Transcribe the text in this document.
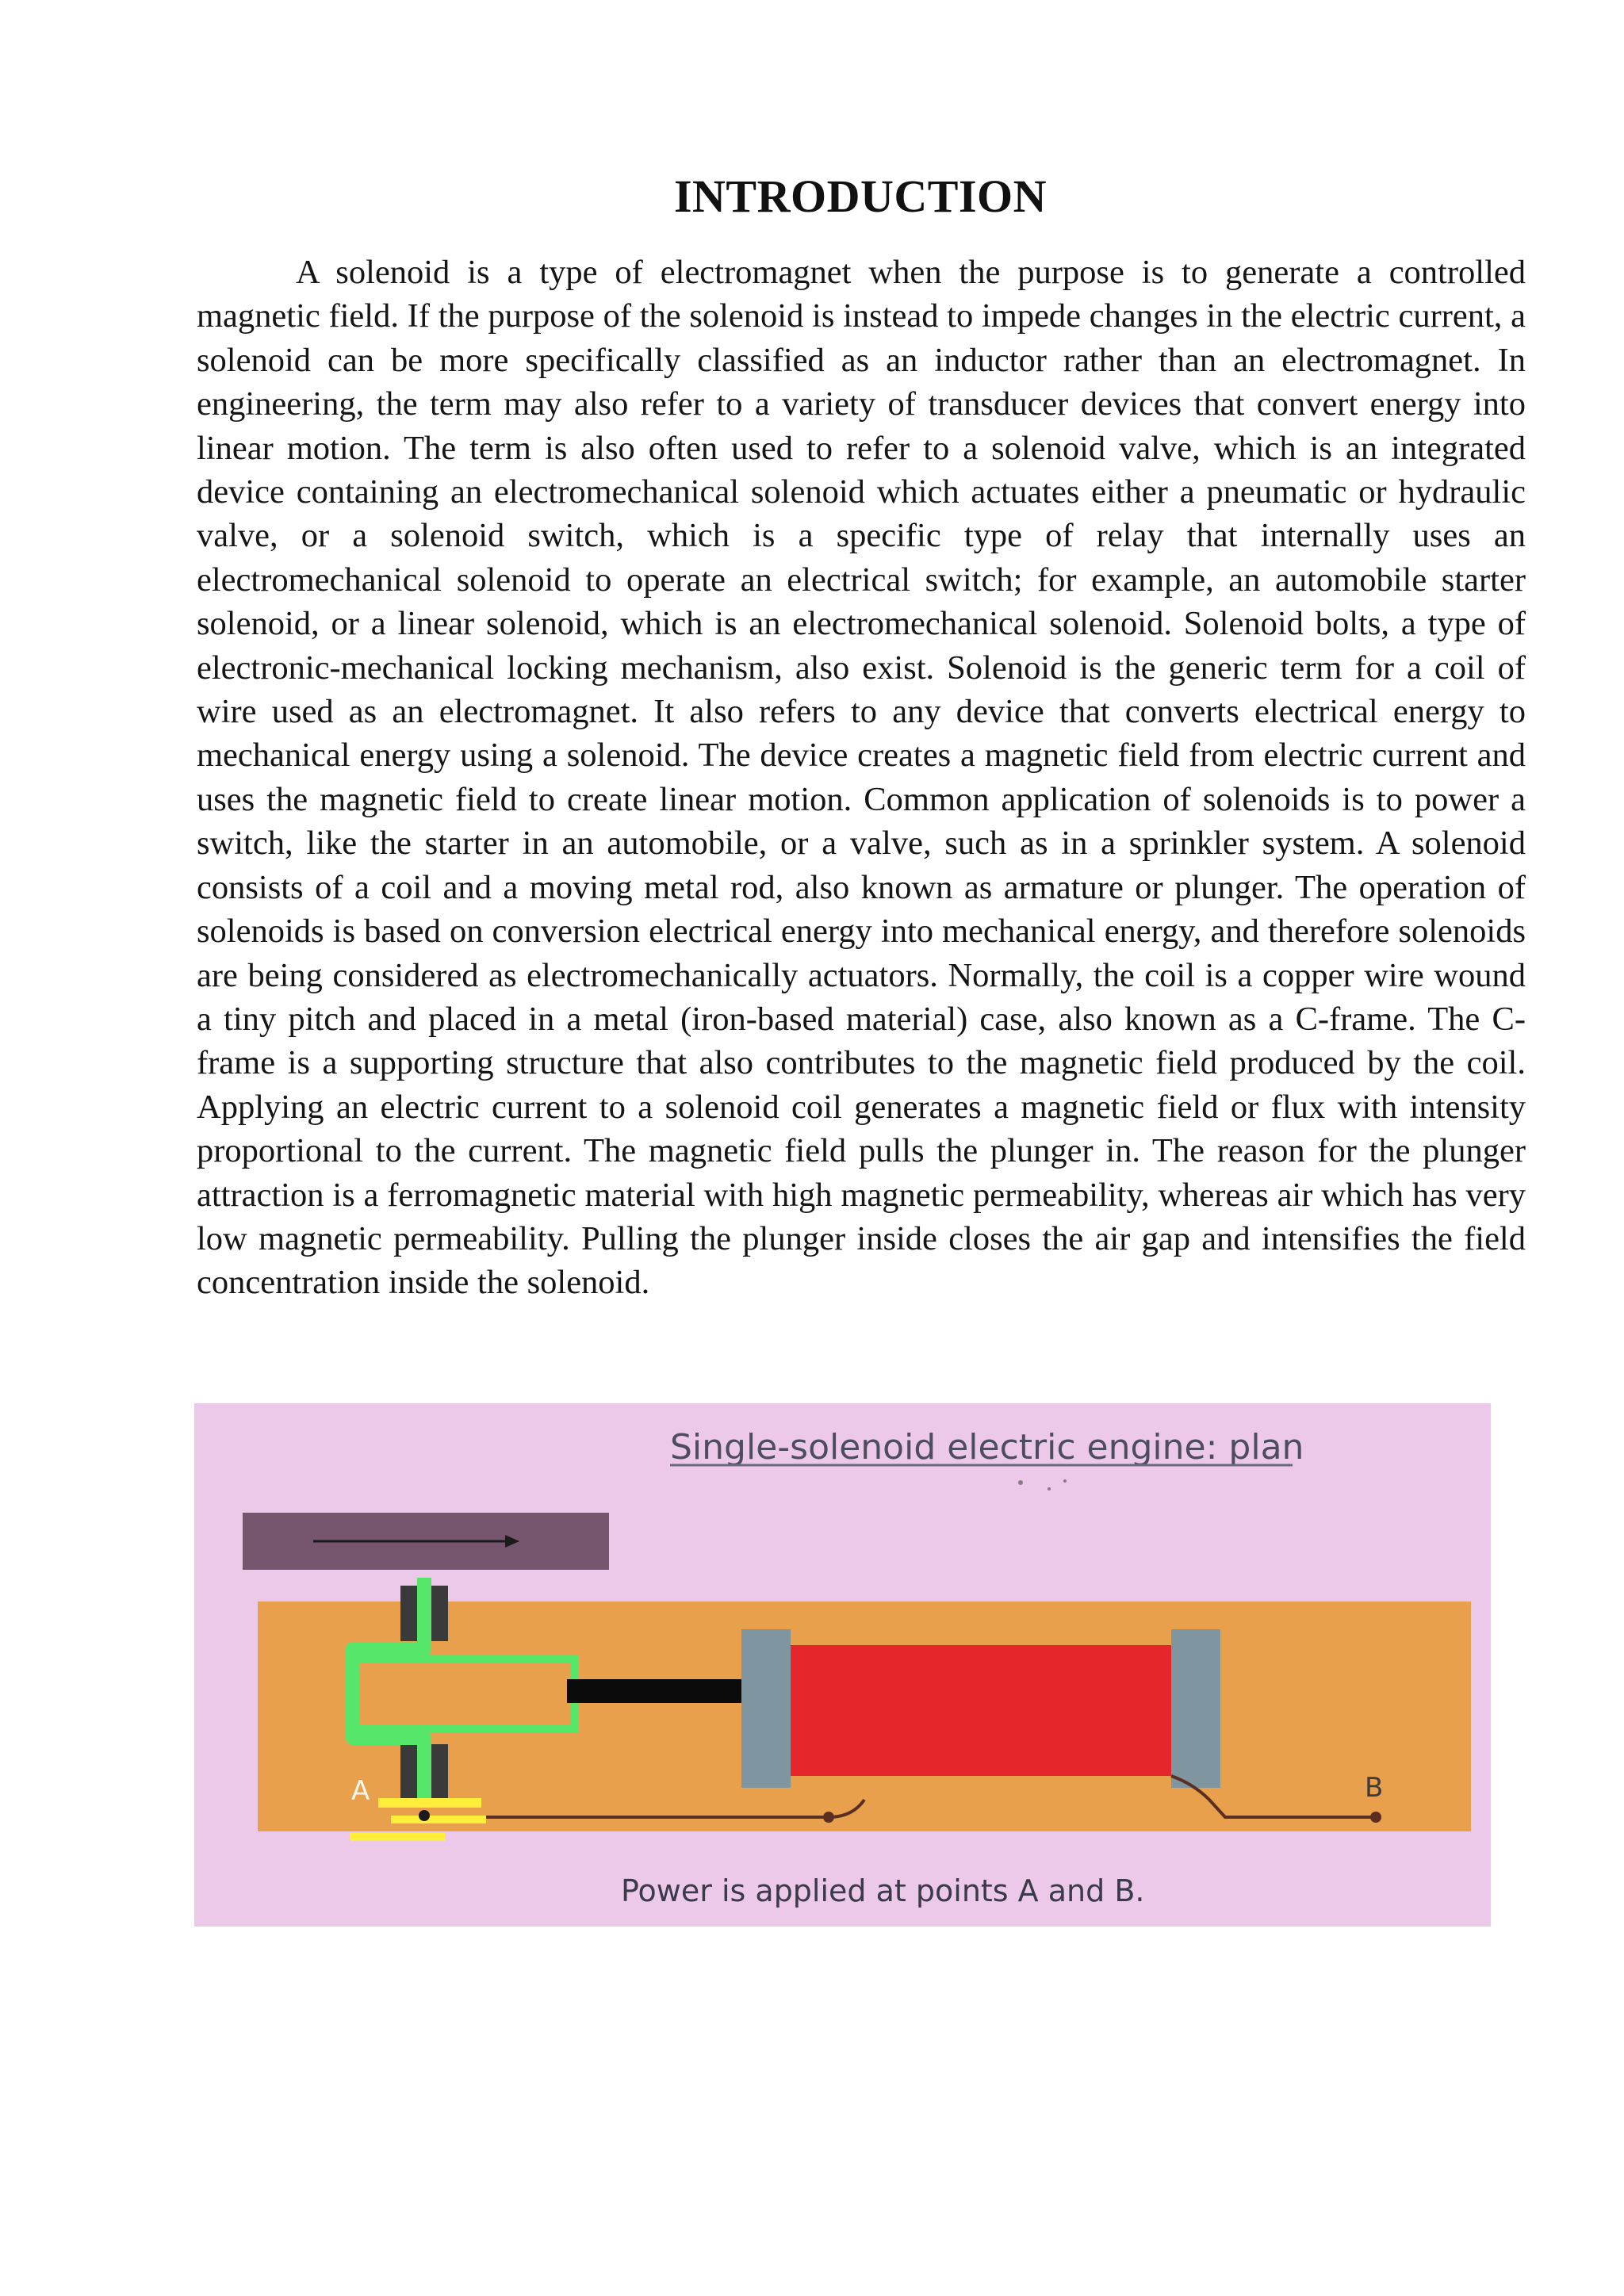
INTRODUCTION

A solenoid is a type of electromagnet when the purpose is to generate a controlled magnetic field. If the purpose of the solenoid is instead to impede changes in the electric current, a solenoid can be more specifically classified as an inductor rather than an electromagnet. In engineering, the term may also refer to a variety of transducer devices that convert energy into linear motion. The term is also often used to refer to a solenoid valve, which is an integrated device containing an electromechanical solenoid which actuates either a pneumatic or hydraulic valve, or a solenoid switch, which is a specific type of relay that internally uses an electromechanical solenoid to operate an electrical switch; for example, an automobile starter solenoid, or a linear solenoid, which is an electromechanical solenoid. Solenoid bolts, a type of electronic-mechanical locking mechanism, also exist. Solenoid is the generic term for a coil of wire used as an electromagnet. It also refers to any device that converts electrical energy to mechanical energy using a solenoid. The device creates a magnetic field from electric current and uses the magnetic field to create linear motion. Common application of solenoids is to power a switch, like the starter in an automobile, or a valve, such as in a sprinkler system. A solenoid consists of a coil and a moving metal rod, also known as armature or plunger. The operation of solenoids is based on conversion electrical energy into mechanical energy, and therefore solenoids are being considered as electromechanically actuators. Normally, the coil is a copper wire wound a tiny pitch and placed in a metal (iron-based material) case, also known as a C-frame. The C-frame is a supporting structure that also contributes to the magnetic field produced by the coil. Applying an electric current to a solenoid coil generates a magnetic field or flux with intensity proportional to the current. The magnetic field pulls the plunger in. The reason for the plunger attraction is a ferromagnetic material with high magnetic permeability, whereas air which has very low magnetic permeability. Pulling the plunger inside closes the air gap and intensifies the field concentration inside the solenoid.

Single-solenoid electric engine: plan
A	B
Power is applied at points A and B.
